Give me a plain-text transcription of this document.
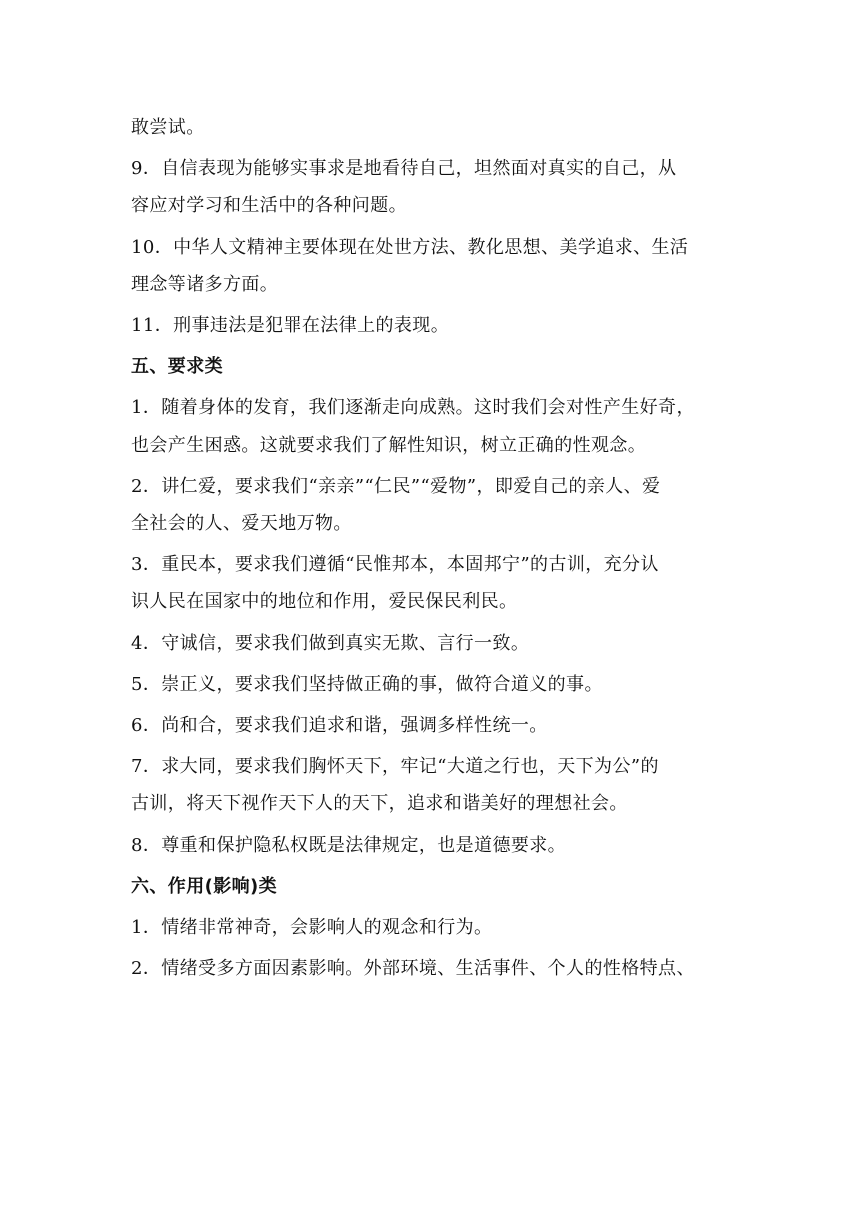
敢尝试。
9．自信表现为能够实事求是地看待自己，坦然面对真实的自己，从
容应对学习和生活中的各种问题。
10．中华人文精神主要体现在处世方法、教化思想、美学追求、生活
理念等诸多方面。
11．刑事违法是犯罪在法律上的表现。
五、要求类
1．随着身体的发育，我们逐渐走向成熟。这时我们会对性产生好奇，
也会产生困惑。这就要求我们了解性知识，树立正确的性观念。
2．讲仁爱，要求我们“亲亲”“仁民”“爱物”，即爱自己的亲人、爱
全社会的人、爱天地万物。
3．重民本，要求我们遵循“民惟邦本，本固邦宁”的古训，充分认
识人民在国家中的地位和作用，爱民保民利民。
4．守诚信，要求我们做到真实无欺、言行一致。
5．崇正义，要求我们坚持做正确的事，做符合道义的事。
6．尚和合，要求我们追求和谐，强调多样性统一。
7．求大同，要求我们胸怀天下，牢记“大道之行也，天下为公”的
古训，将天下视作天下人的天下，追求和谐美好的理想社会。
8．尊重和保护隐私权既是法律规定，也是道德要求。
六、作用(影响)类
1．情绪非常神奇，会影响人的观念和行为。
2．情绪受多方面因素影响。外部环境、生活事件、个人的性格特点、
